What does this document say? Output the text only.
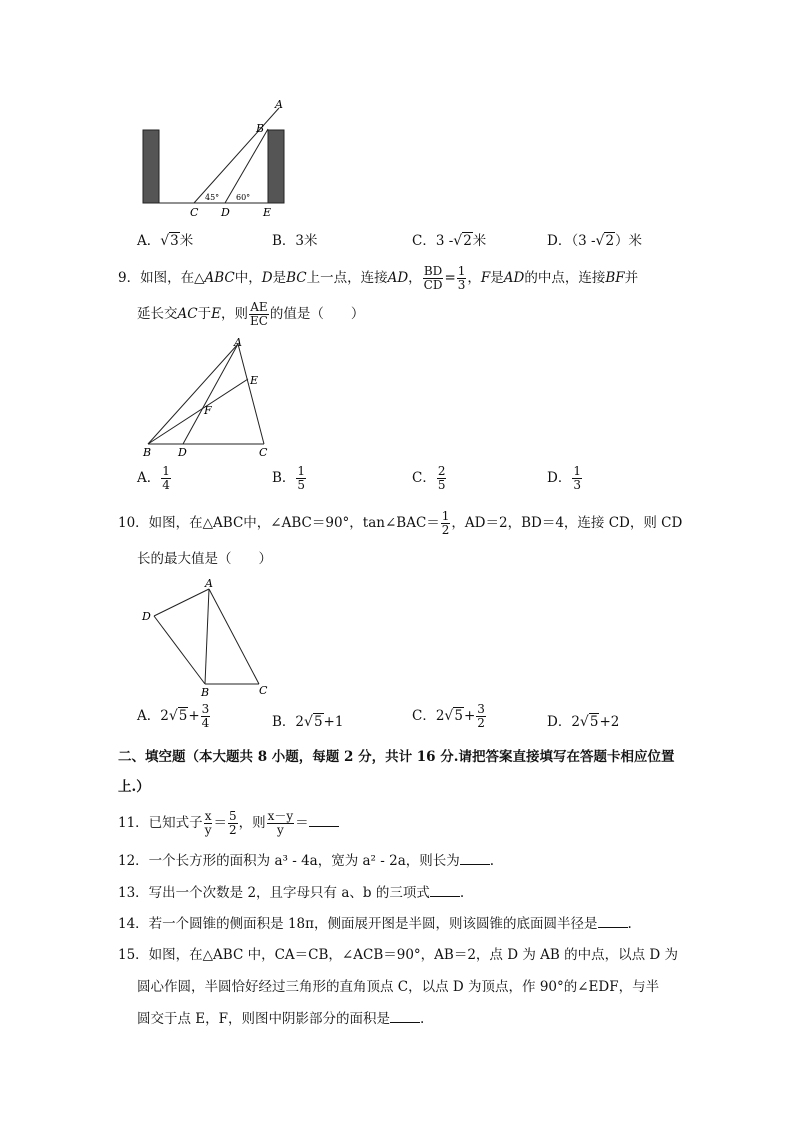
A
B
C D	E
45° 60°
A．√3米	B．3米	C．3 -√2米	D．（3 -√2）米
9．如图，在△ABC中，D是BC上一点，连接AD， $\frac{BD}{CD} = \frac{1}{3}$ ，F是AD的中点，连接BF并
延长交AC于E，则 $\frac{AE}{EC}$ 的值是（　　）
A
E
F
B D	C
A． $\frac{1}{4}$	B． $\frac{1}{5}$	C． $\frac{2}{5}$	D． $\frac{1}{3}$
10．如图，在△ABC中，∠ABC＝90°，tan∠BAC＝ $\frac{1}{2}$ ，AD＝2，BD＝4，连接 CD，则 CD
长的最大值是（　　）
A
D
B	C
A．$2√5+ \frac{3}{4}$	B．2√5+1	C．$2√5+ \frac{3}{2}$	D．2√5+2
二、填空题（本大题共 8 小题，每题 2 分，共计 16 分.请把答案直接填写在答题卡相应位置
上.）
11．已知式子 $\frac{x}{y} = \frac{5}{2}$ ，则 $\frac{x-y}{y}$ ＝
12．一个长方形的面积为 a³ - 4a，宽为 a² - 2a，则长为 .
13．写出一个次数是 2，且字母只有 a、b 的三项式 .
14．若一个圆锥的侧面积是 18π，侧面展开图是半圆，则该圆锥的底面圆半径是 .
15．如图，在△ABC 中，CA＝CB，∠ACB＝90°，AB＝2，点 D 为 AB 的中点，以点 D 为
圆心作圆，半圆恰好经过三角形的直角顶点 C，以点 D 为顶点，作 90°的∠EDF，与半
圆交于点 E，F，则图中阴影部分的面积是 .
